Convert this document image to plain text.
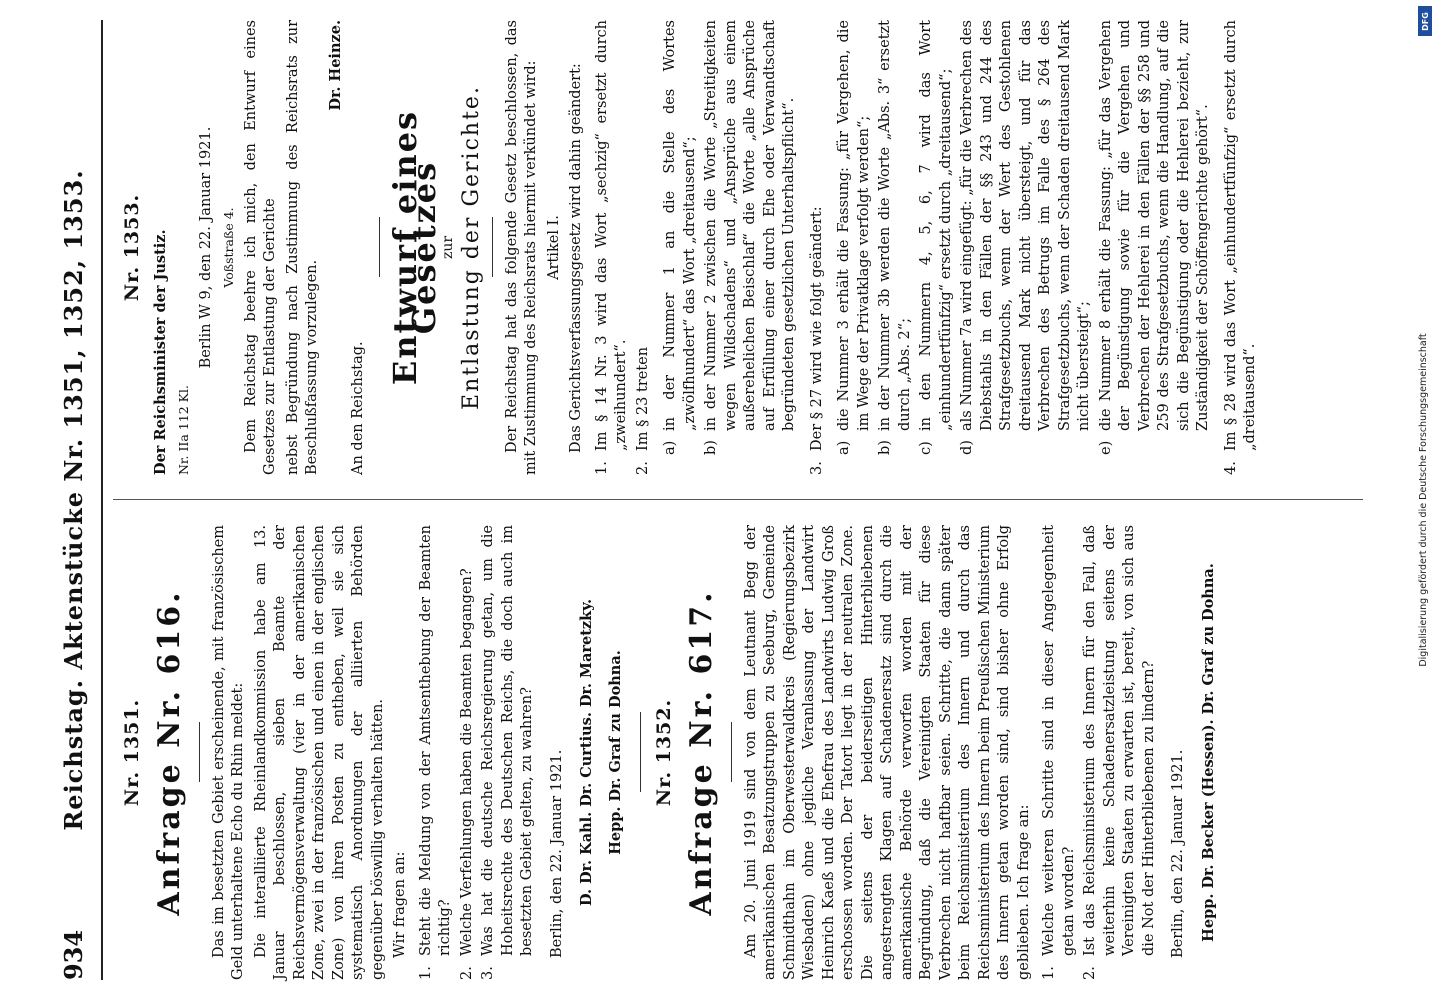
934
Reichstag. Aktenstücke Nr. 1351, 1352, 1353. Nr. 1351. Anfrage Nr. 616. Das im besetzten Gebiet erscheinende, mit französischem Geld unterhaltene Echo du Rhin meldet: Die interalliierte Rheinlandkommission habe am 13. Januar beschlossen, sieben Beamte der Reichsvermögensverwaltung (vier in der amerikanischen Zone, zwei in der französischen und einen in der englischen Zone) von ihren Posten zu entheben, weil sie sich systematisch Anordnungen der alliierten Behörden gegenüber böswillig verhalten hätten. Wir fragen an:

1.
Steht die Meldung von der Amtsenthebung der Beamten richtig?
2.
Welche Verfehlungen haben die Beamten begangen?
3.
Was hat die deutsche Reichsregierung getan, um die Hoheitsrechte des Deutschen Reichs, die doch auch im besetzten Gebiet gelten, zu wahren? Berlin, den 22. Januar 1921. D. Dr. Kahl. Dr. Curtius. Dr. Maretzky. Hepp. Dr. Graf zu Dohna. Nr. 1352. Anfrage Nr. 617. Am 20. Juni 1919 sind von dem Leutnant Begg der amerikanischen Besatzungstruppen zu Seeburg, Gemeinde Schmidthahn im Oberwesterwaldkreis (Regierungsbezirk Wiesbaden) ohne jegliche Veranlassung der Landwirt Heinrich Kaeß und die Ehefrau des Landwirts Ludwig Groß erschossen worden. Der Tatort liegt in der neutralen Zone. Die seitens der beiderseitigen Hinterbliebenen angestrengten Klagen auf Schadenersatz sind durch die amerikanische Behörde verworfen worden mit der Begründung, daß die Vereinigten Staaten für diese Verbrechen nicht haftbar seien. Schritte, die dann später beim Reichsministerium des Innern und durch das Reichsministerium des Innern beim Preußischen Ministerium des Innern getan worden sind, sind bisher ohne Erfolg geblieben. Ich frage an: 1.
Welche weiteren Schritte sind in dieser Angelegenheit getan worden?
2.
Ist das Reichsministerium des Innern für den Fall, daß weiterhin keine Schadenersatzleistung seitens der Vereinigten Staaten zu erwarten ist, bereit, von sich aus die Not der Hinterbliebenen zu lindern? Berlin, den 22. Januar 1921. Hepp. Dr. Becker (Hessen). Dr. Graf zu Dohna.
Nr. 1353. Der Reichsminister der Justiz. Nr. IIa 112 Kl.

Berlin W 9, den 22. Januar 1921. Voßstraße 4. Dem Reichstag beehre ich mich, den Entwurf eines Gesetzes zur Entlastung der Gerichte nebst Begründung nach Zustimmung des Reichsrats zur Beschlußfassung vorzulegen.

Dr. Heinze.

An den Reichstag.

Entwurf eines Gesetzes
zur Entlastung der Gerichte. Der Reichstag hat das folgende Gesetz beschlossen, das mit Zustimmung des Reichsrats hiermit verkündet wird: Artikel I. Das Gerichtsverfassungsgesetz wird dahin geändert:

1.
Im § 14 Nr. 3 wird das Wort „sechzig“ ersetzt durch „zweihundert“.
2.
Im § 23 treten a)
in der Nummer 1 an die Stelle des Wortes „zwölfhundert“ das Wort „dreitausend“;
b)
in der Nummer 2 zwischen die Worte „Streitigkeiten wegen Wildschadens“ und „Ansprüche aus einem außerehelichen Beischlaf“ die Worte „alle Ansprüche auf Erfüllung einer durch Ehe oder Verwandtschaft begründeten gesetzlichen Unterhaltspflicht“.
3.
Der § 27 wird wie folgt geändert: a)
die Nummer 3 erhält die Fassung: „für Vergehen, die im Wege der Privatklage verfolgt werden“;
b)
in der Nummer 3b werden die Worte „Abs. 3“ ersetzt durch „Abs. 2“;
c)
in den Nummern 4, 5, 6, 7 wird das Wort „einhundertfünfzig“ ersetzt durch „dreitausend“;
d)
als Nummer 7a wird eingefügt: „für die Verbrechen des Diebstahls in den Fällen der §§ 243 und 244 des Strafgesetzbuchs, wenn der Wert des Gestohlenen dreitausend Mark nicht übersteigt, und für das Verbrechen des Betrugs im Falle des § 264 des Strafgesetzbuchs, wenn der Schaden dreitausend Mark nicht übersteigt“;
e)
die Nummer 8 erhält die Fassung: „für das Vergehen der Begünstigung sowie für die Vergehen und Verbrechen der Hehlerei in den Fällen der §§ 258 und 259 des Strafgesetzbuchs, wenn die Handlung, auf die sich die Begünstigung oder die Hehlerei bezieht, zur Zuständigkeit der Schöffengerichte gehört“.
4.
Im § 28 wird das Wort „einhundertfünfzig“ ersetzt durch „dreitausend“.	Digitalisierung gefördert durch die Deutsche Forschungsgemeinschaft
DFG
